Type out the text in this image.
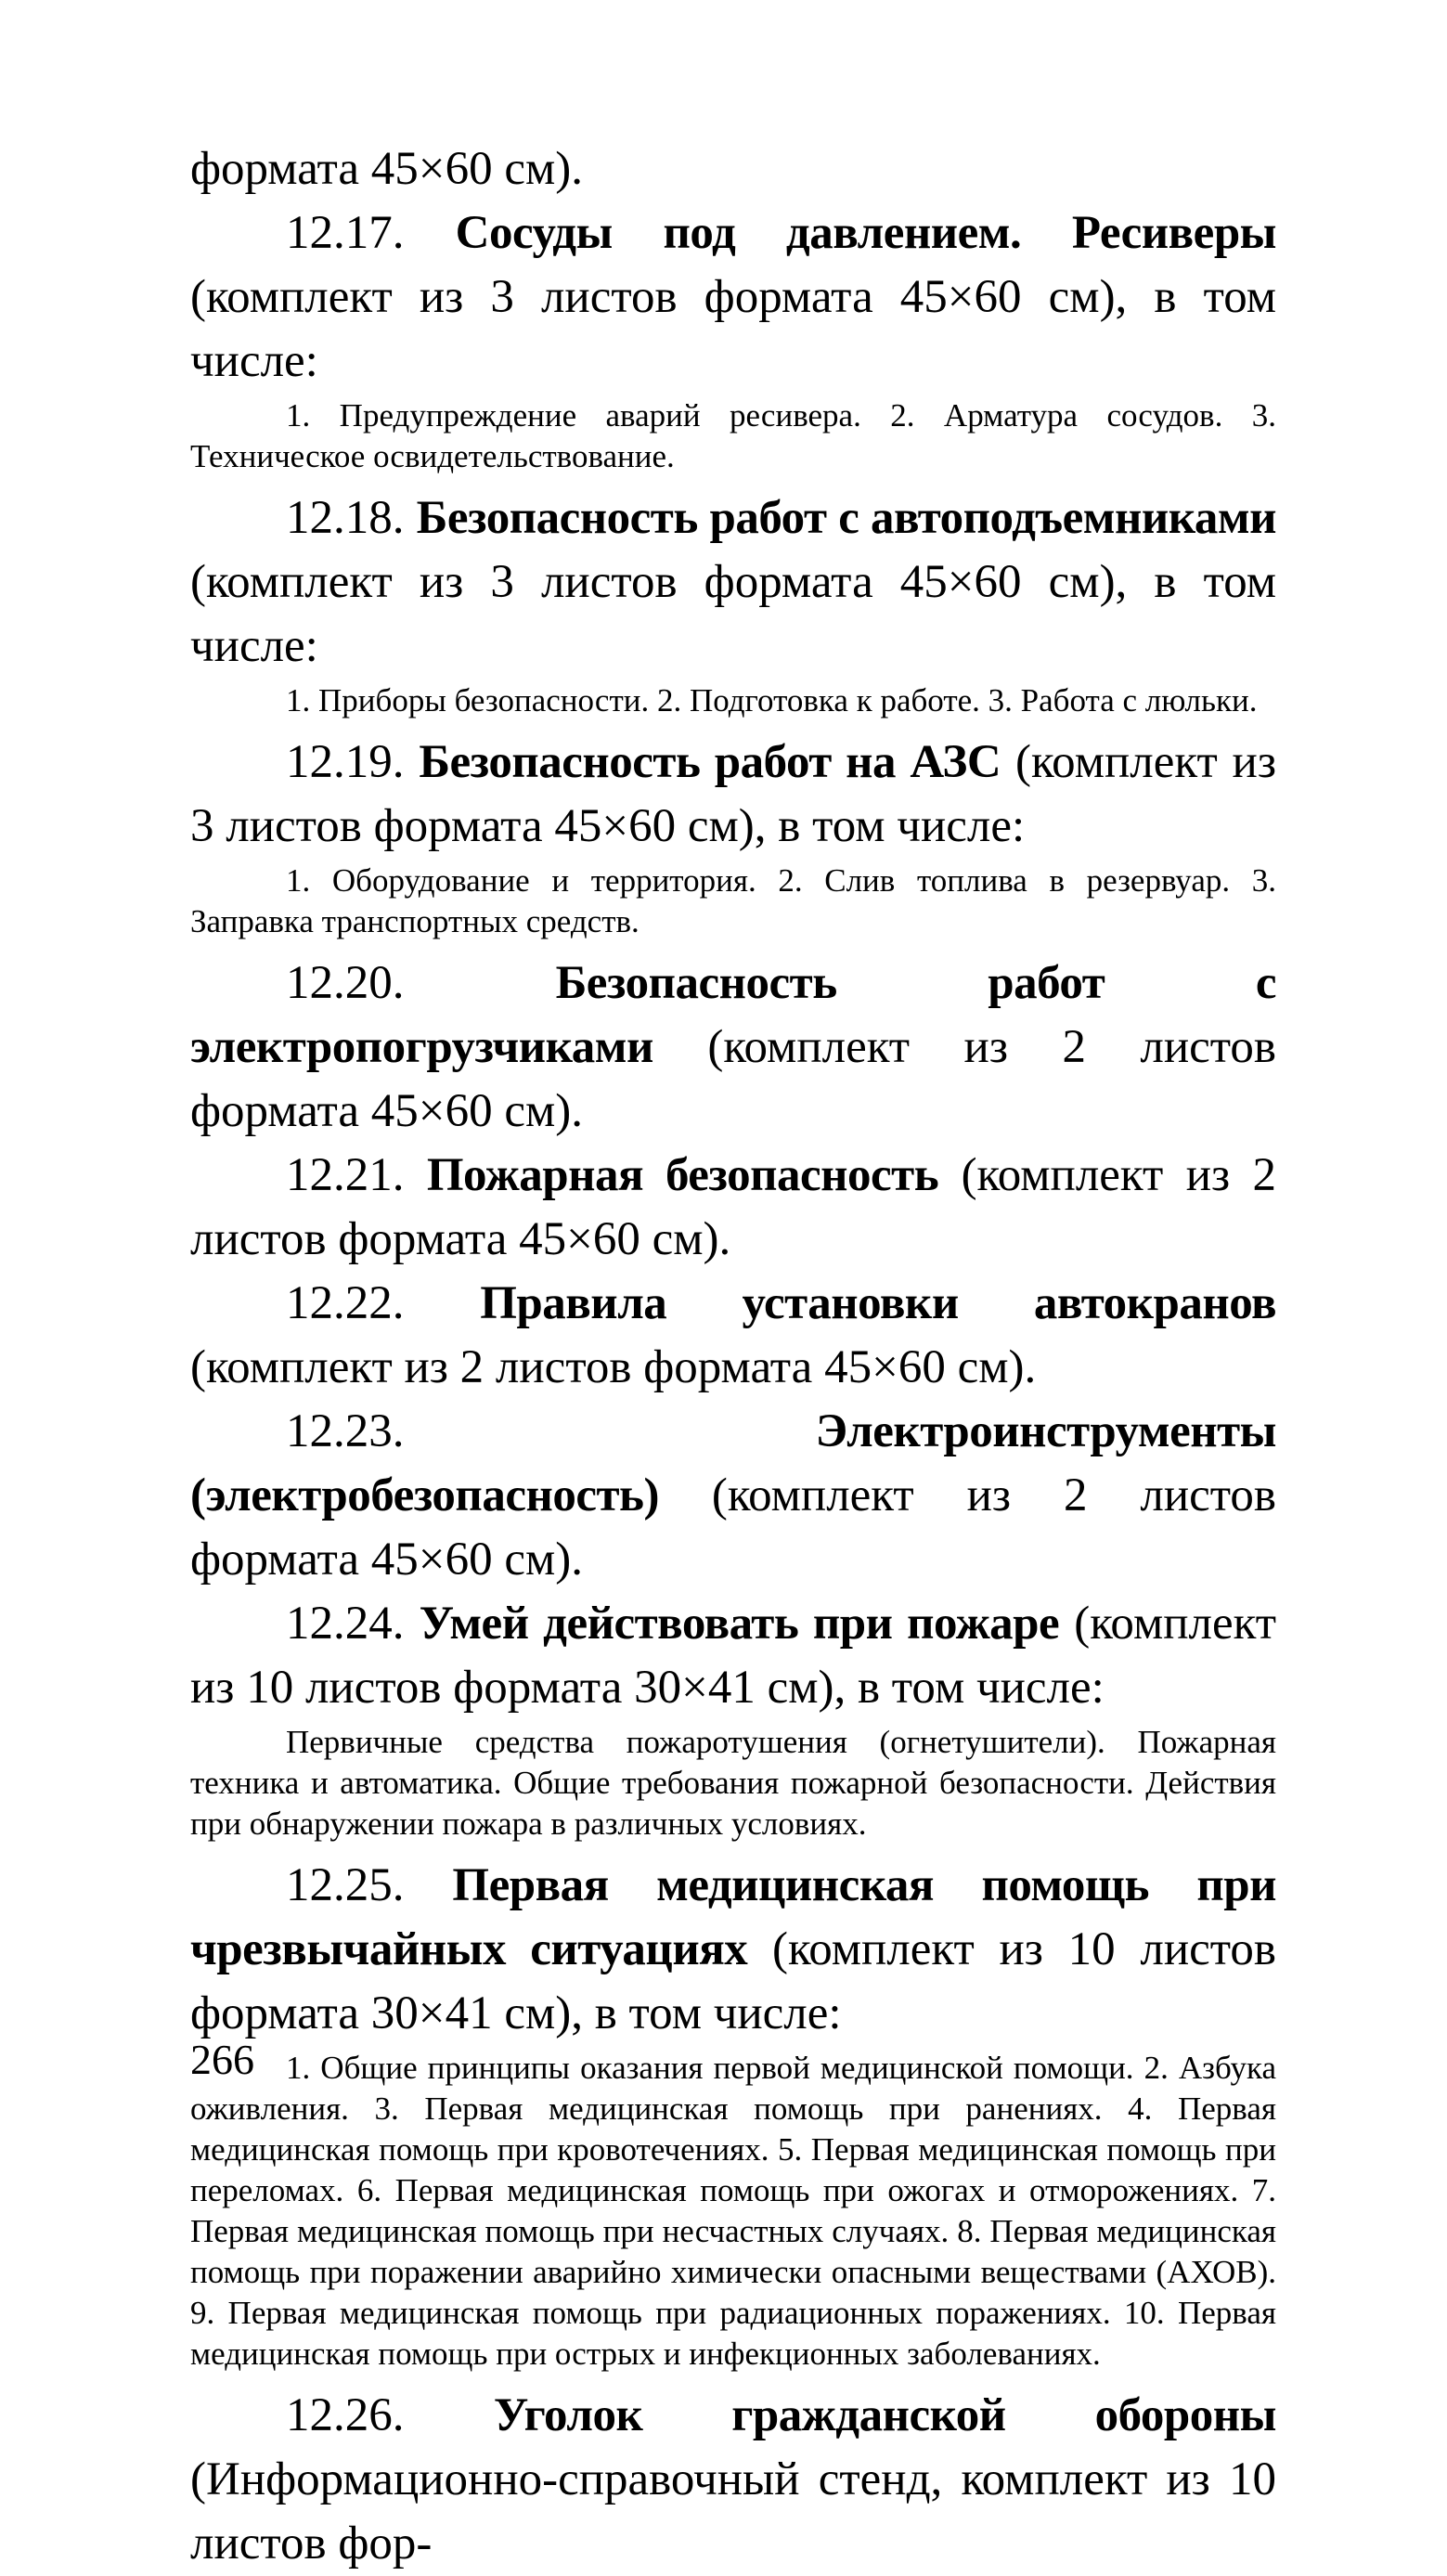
формата 45×60 см).

12.17. Сосуды под давлением. Ресиверы (комплект из 3 листов формата 45×60 см), в том числе:

1. Предупреждение аварий ресивера. 2. Арматура сосудов. 3. Техническое освидетельствование.

12.18. Безопасность работ с автоподъемниками (комплект из 3 листов формата 45×60 см), в том числе:

1. Приборы безопасности. 2. Подготовка к работе. 3. Работа с люльки.

12.19. Безопасность работ на АЗС (комплект из 3 листов формата 45×60 см), в том числе:

1. Оборудование и территория. 2. Слив топлива в резервуар. 3. Заправка транспортных средств.

12.20.	Безопасность работ с электропогрузчиками (комплект из 2 листов формата 45×60 см).

12.21. Пожарная безопасность (комплект из 2 листов формата 45×60 см).

12.22. Правила установки автокранов (комплект из 2 листов формата 45×60 см).

12.23.	Электроинструменты (электробезопасность) (комплект из 2 листов формата 45×60 см).

12.24. Умей действовать при пожаре (комплект из 10 листов формата 30×41 см), в том числе:

Первичные средства пожаротушения (огнетушители). Пожарная техника и автоматика. Общие требования пожарной безопасности. Действия при обнаружении пожара в различных условиях.

12.25. Первая медицинская помощь при чрезвычайных ситуациях (комплект из 10 листов формата 30×41 см), в том числе:

1. Общие принципы оказания первой медицинской помощи. 2. Азбука оживления. 3. Первая медицинская помощь при ранениях. 4. Первая медицинская помощь при кровотечениях. 5. Первая медицинская помощь при переломах. 6. Первая медицинская помощь при ожогах и отморожениях. 7. Первая медицинская помощь при несчастных случаях. 8. Первая медицинская помощь при поражении аварийно химически опасными веществами (АХОВ). 9. Первая медицинская помощь при радиационных поражениях. 10. Первая медицинская помощь при острых и инфекционных заболеваниях.

12.26. Уголок гражданской обороны (Информационно-справочный стенд, комплект из 10 листов фор-

266
